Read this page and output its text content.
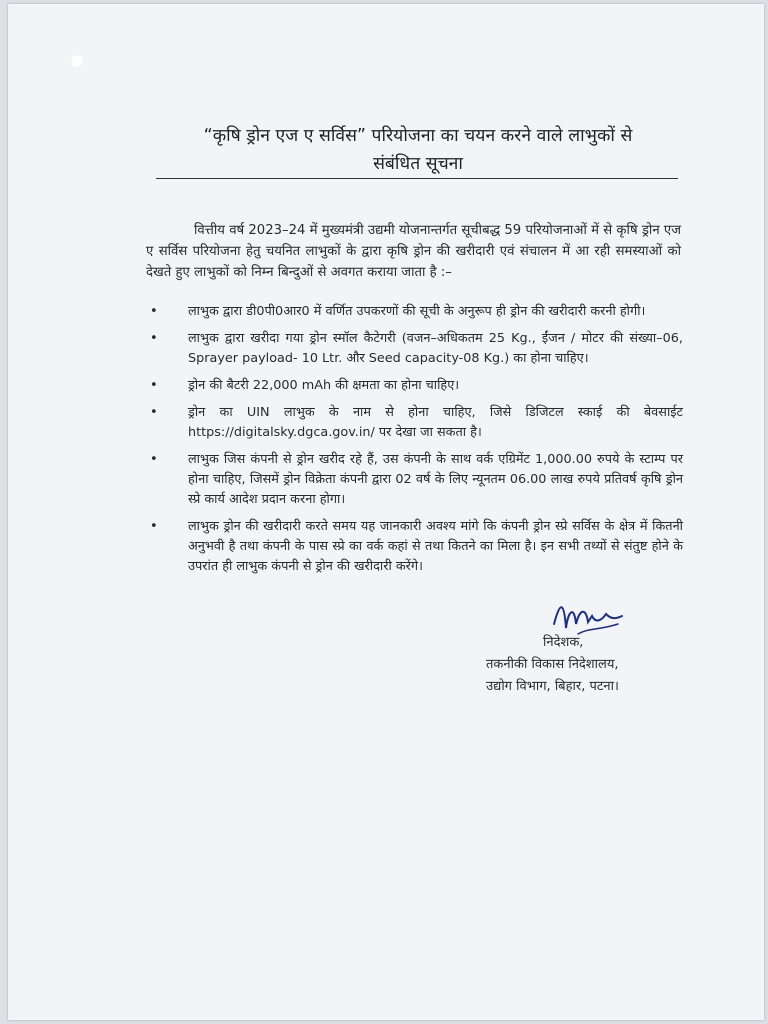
“कृषि ड्रोन एज ए सर्विस” परियोजना का चयन करने वाले लाभुकों से
संबंधित सूचना

वित्तीय वर्ष 2023–24 में मुख्यमंत्री उद्यमी योजनान्तर्गत सूचीबद्ध 59 परियोजनाओं में से कृषि ड्रोन एज ए सर्विस परियोजना हेतु चयनित लाभुकों के द्वारा कृषि ड्रोन की खरीदारी एवं संचालन में आ रही समस्याओं को देखते हुए लाभुकों को निम्न बिन्दुओं से अवगत कराया जाता है :–

• लाभुक द्वारा डी0पी0आर0 में वर्णित उपकरणों की सूची के अनुरूप ही ड्रोन की खरीदारी करनी होगी।
• लाभुक द्वारा खरीदा गया ड्रोन स्मॉल कैटेगरी (वजन–अधिकतम 25 Kg., ईंजन / मोटर की संख्या–06, Sprayer payload- 10 Ltr. और Seed capacity-08 Kg.) का होना चाहिए।
• ड्रोन की बैटरी 22,000 mAh की क्षमता का होना चाहिए।
• ड्रोन का UIN लाभुक के नाम से होना चाहिए, जिसे डिजिटल स्काई की बेवसाईट https://digitalsky.dgca.gov.in/ पर देखा जा सकता है।
• लाभुक जिस कंपनी से ड्रोन खरीद रहे हैं, उस कंपनी के साथ वर्क एग्रिमेंट 1,000.00 रुपये के स्टाम्प पर होना चाहिए, जिसमें ड्रोन विक्रेता कंपनी द्वारा 02 वर्ष के लिए न्यूनतम 06.00 लाख रुपये प्रतिवर्ष कृषि ड्रोन स्प्रे कार्य आदेश प्रदान करना होगा।
• लाभुक ड्रोन की खरीदारी करते समय यह जानकारी अवश्य मांगे कि कंपनी ड्रोन स्प्रे सर्विस के क्षेत्र में कितनी अनुभवी है तथा कंपनी के पास स्प्रे का वर्क कहां से तथा कितने का मिला है। इन सभी तथ्यों से संतुष्ट होने के उपरांत ही लाभुक कंपनी से ड्रोन की खरीदारी करेंगे।
निदेशक,
तकनीकी विकास निदेशालय,
उद्योग विभाग, बिहार, पटना।
